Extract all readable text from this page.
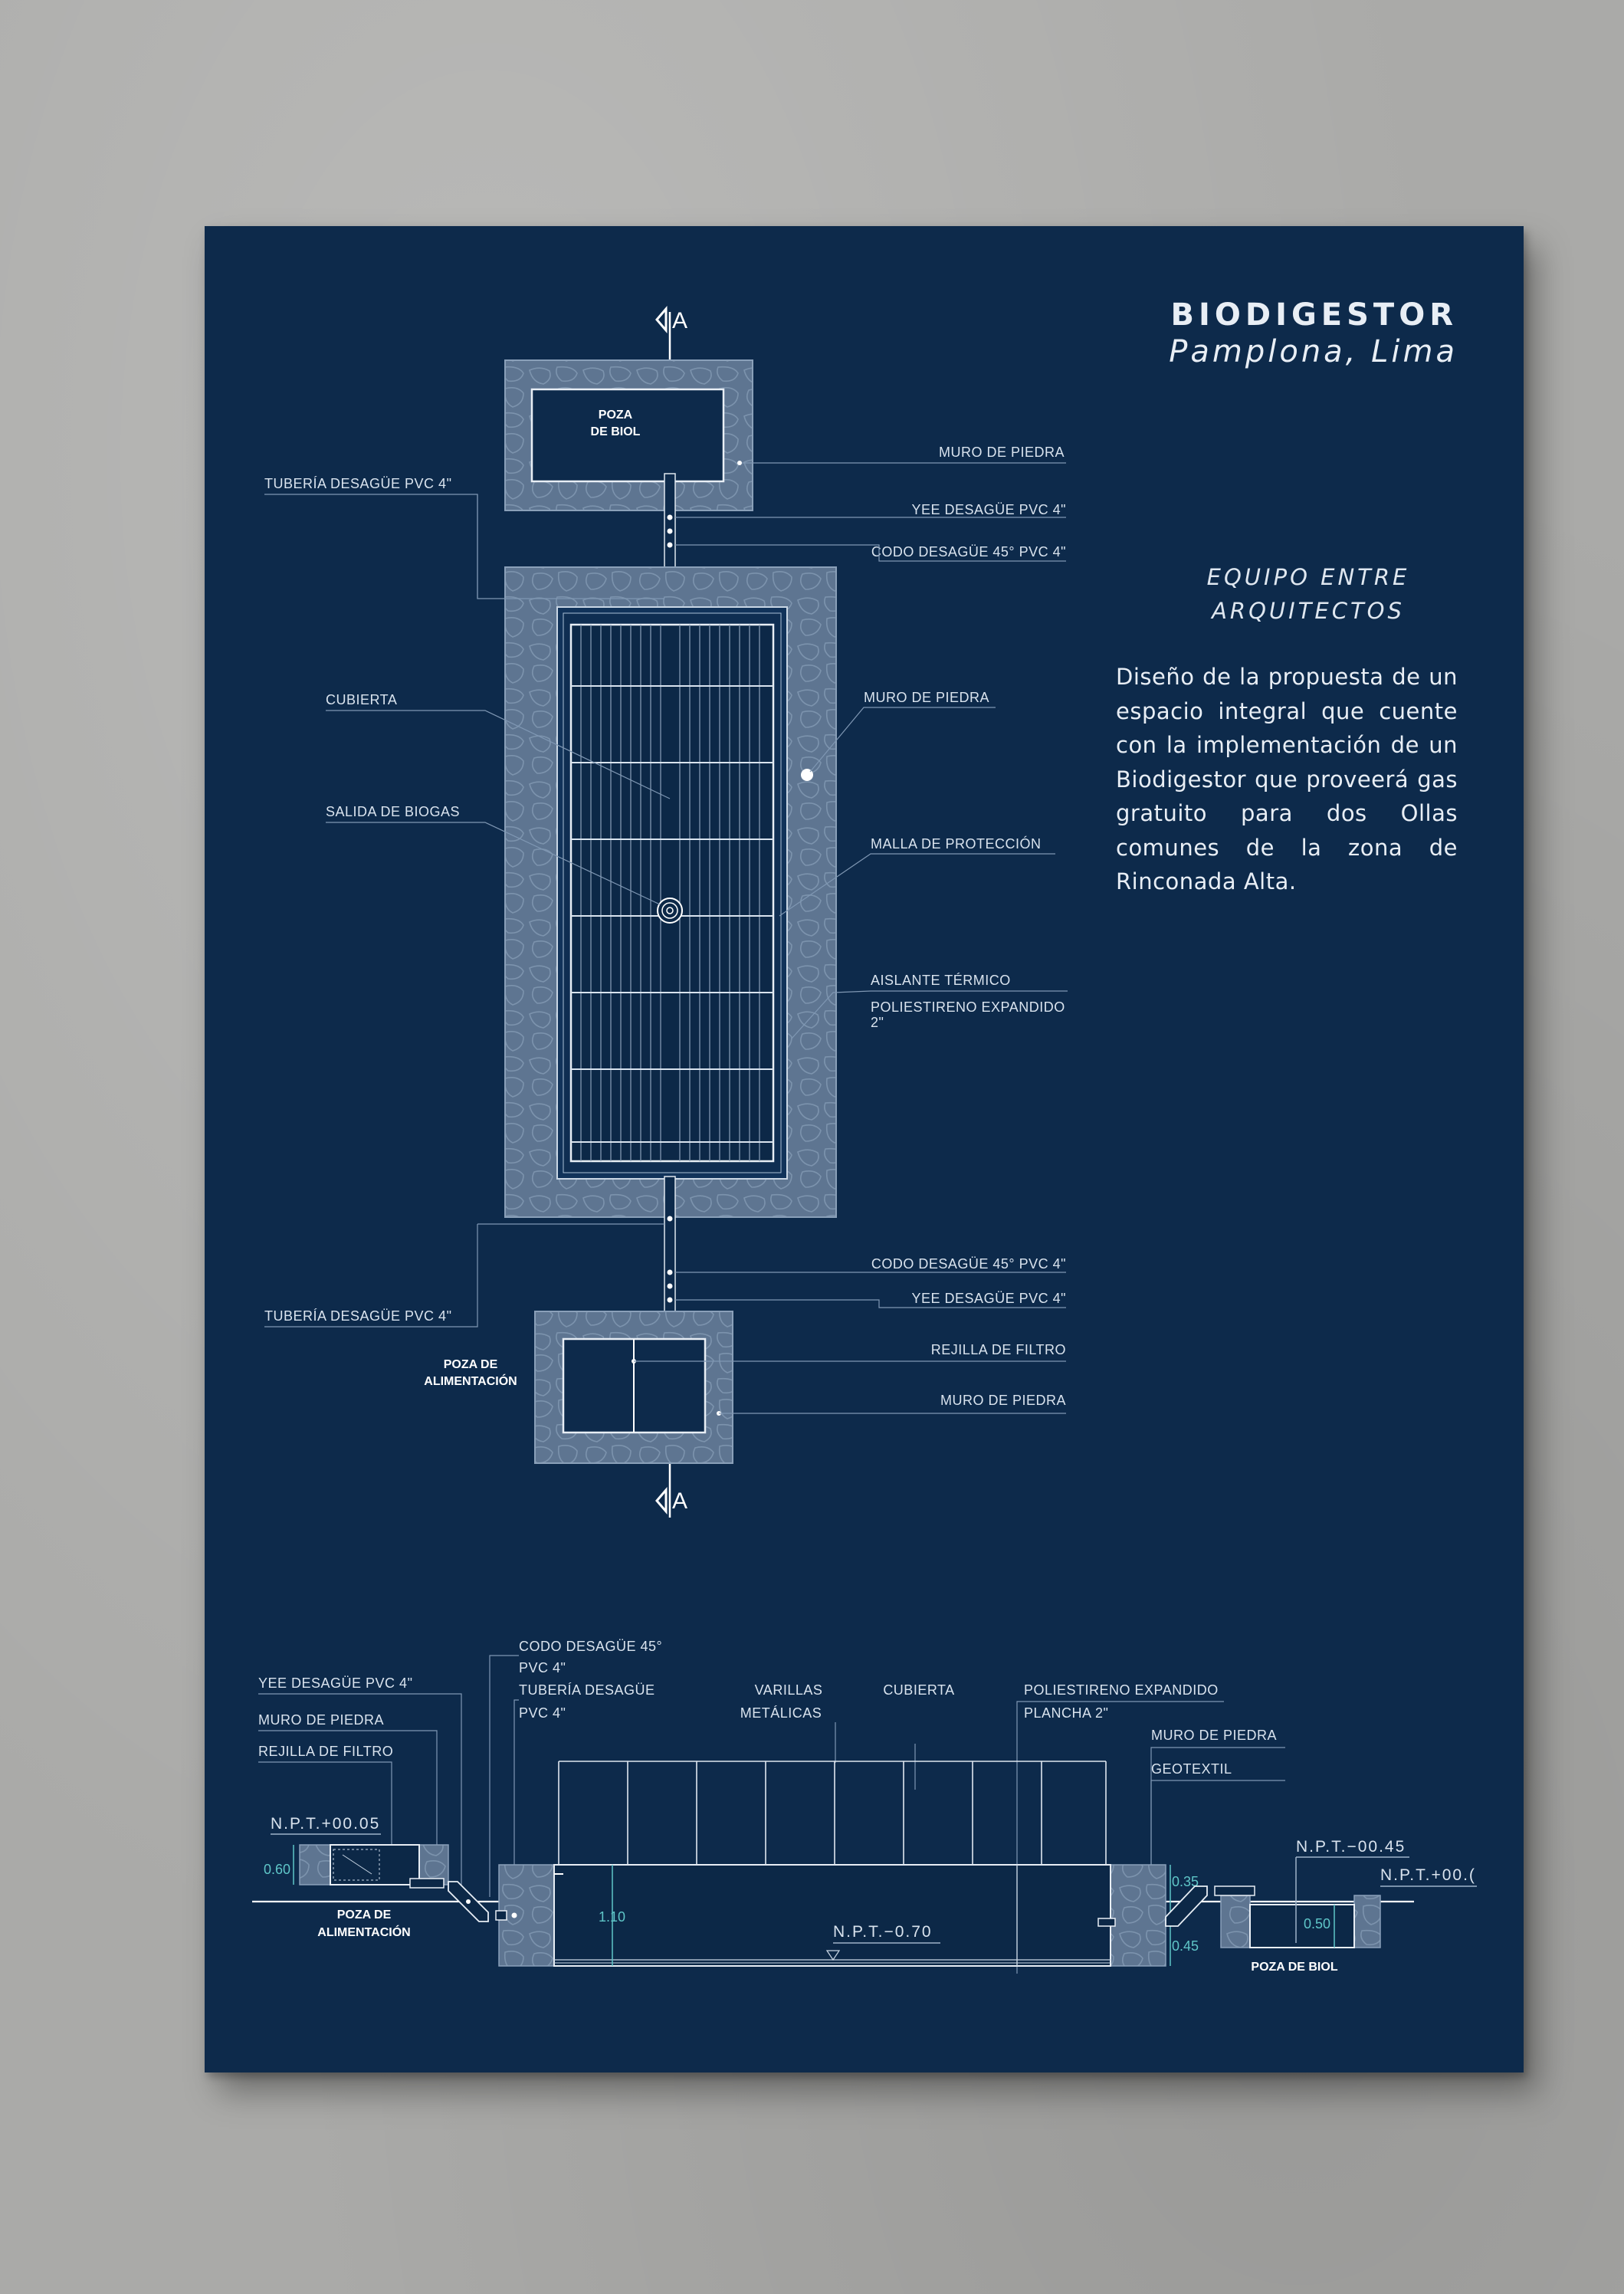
A
A
POZA
DE BIOL
POZA DE
ALIMENTACIÓN
TUBERÍA DESAGÜE PVC 4"
CUBIERTA
SALIDA DE BIOGAS
TUBERÍA DESAGÜE PVC 4"
MURO DE PIEDRA
YEE DESAGÜE PVC 4"
CODO DESAGÜE 45° PVC 4"
MURO DE PIEDRA
MALLA DE PROTECCIÓN
AISLANTE TÉRMICO
POLIESTIRENO EXPANDIDO
2"
CODO DESAGÜE 45° PVC 4"
YEE DESAGÜE PVC 4"
REJILLA DE FILTRO
MURO DE PIEDRA
YEE DESAGÜE PVC 4"
MURO DE PIEDRA
REJILLA DE FILTRO
CODO DESAGÜE 45°
PVC 4"
TUBERÍA DESAGÜE
PVC 4"
VARILLAS
METÁLICAS
CUBIERTA	POLIESTIRENO EXPANDIDO
PLANCHA 2"
MURO DE PIEDRA
GEOTEXTIL
N.P.T.+00.05
0.60
POZA DE
ALIMENTACIÓN
1.10
N.P.T.−0.70
0.35
0.45
N.P.T.−00.45
N.P.T.+00.(
0.50
POZA DE BIOL
BIODIGESTOR
Pamplona, Lima
EQUIPO ENTRE ARQUITECTOS
Diseño de la propuesta de un espacio integral que cuente con la implementación de un Biodigestor que proveerá gas gratuito para dos Ollas comunes de la zona de Rinconada Alta.
